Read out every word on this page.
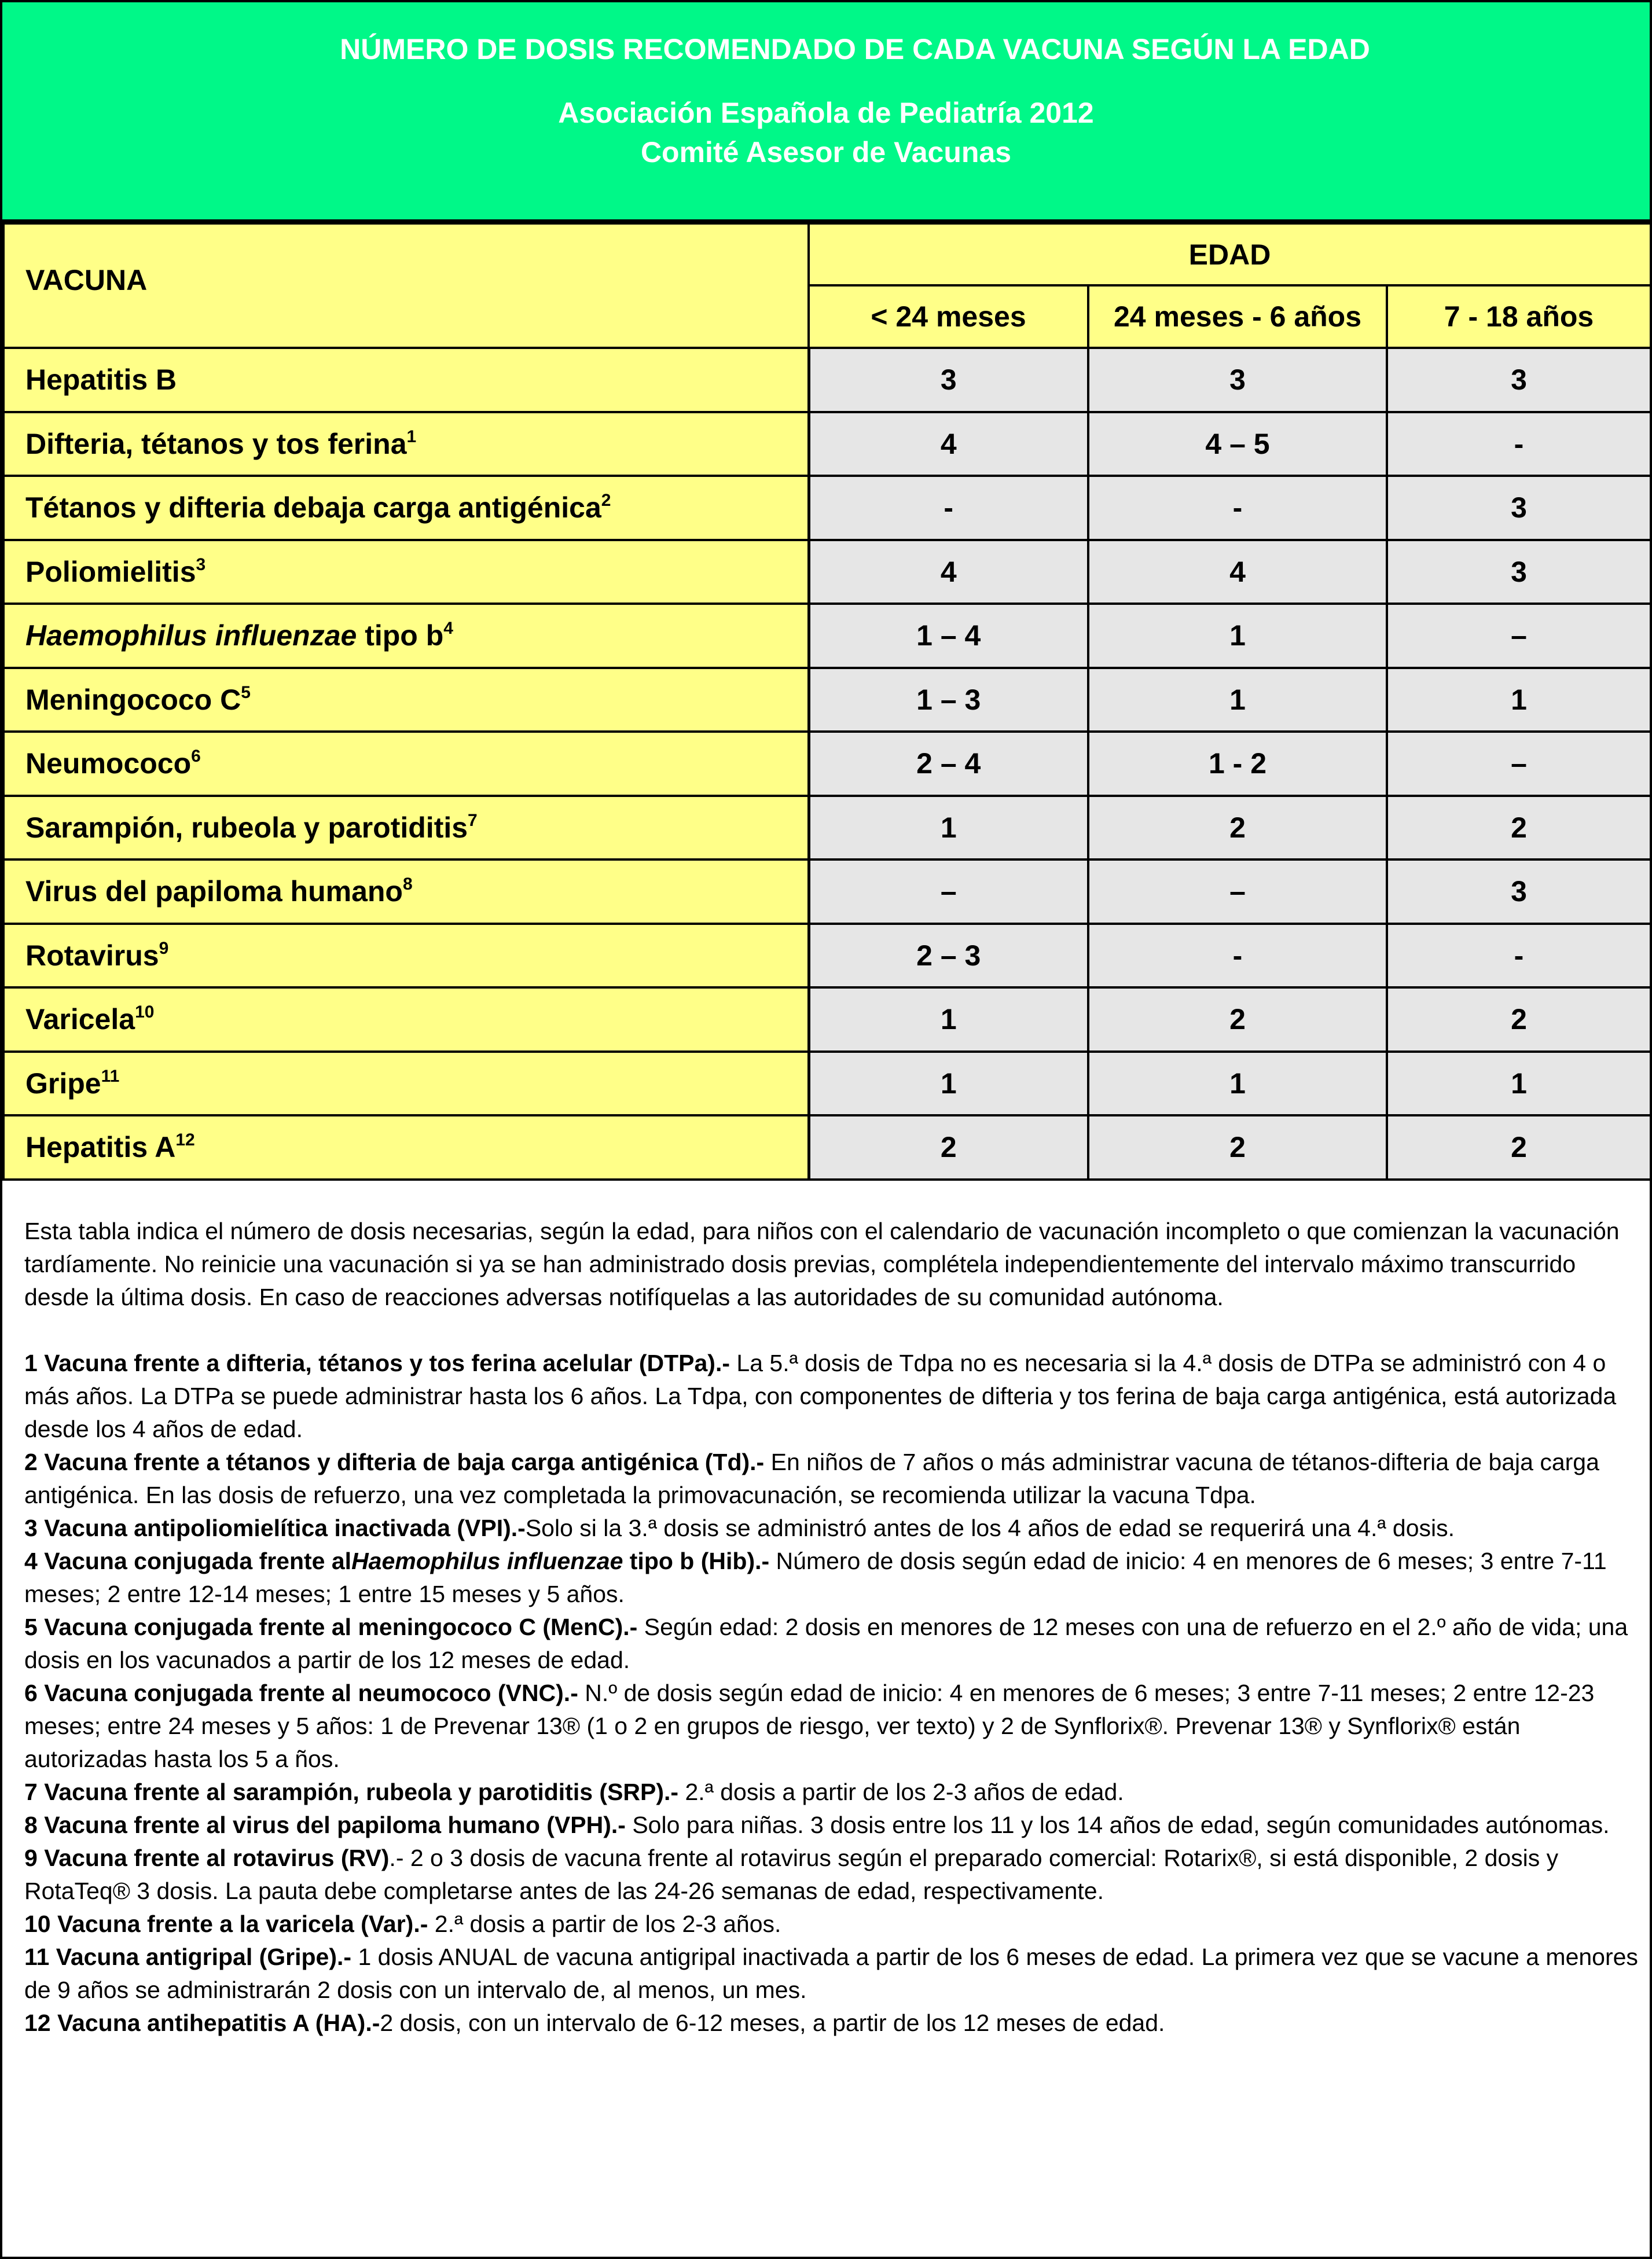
NÚMERO DE DOSIS RECOMENDADO DE CADA VACUNA SEGÚN LA EDAD
Asociación Española de Pediatría 2012
Comité Asesor de Vacunas
VACUNA	EDAD		
	< 24 meses	24 meses - 6 años	7 - 18 años
Hepatitis B	3	3	3
Difteria, tétanos y tos ferina$^1$	4	4 – 5	-
Tétanos y difteria debaja carga antigénica$^2$	-	-	3
Poliomielitis$^3$	4	4	3
Haemophilus influenzae tipo $b^4$	1 – 4	1	–
Meningococo $C^5$	1 – 3	1	1
Neumococo$^6$	2 – 4	1 - 2	–
Sarampión, rubeola y parotiditis$^7$	1	2	2
Virus del papiloma humano$^8$	–	–	3
Rotavirus$^9$	2 – 3	-	-
Varicela$^{10}$	1	2	2
Gripe$^{11}$	1	1	1
Hepatitis $A^{12}$	2	2	2

Esta tabla indica el número de dosis necesarias, según la edad, para niños con el calendario de vacunación incompleto o que comienzan la vacunación tardíamente. No reinicie una vacunación si ya se han administrado dosis previas, complétela independientemente del intervalo máximo transcurrido desde la última dosis. En caso de reacciones adversas notifíquelas a las autoridades de su comunidad autónoma.

1 Vacuna frente a difteria, tétanos y tos ferina acelular (DTPa).- La 5.ª dosis de Tdpa no es necesaria si la 4.ª dosis de DTPa se administró con 4 o más años. La DTPa se puede administrar hasta los 6 años. La Tdpa, con componentes de difteria y tos ferina de baja carga antigénica, está autorizada desde los 4 años de edad.

2 Vacuna frente a tétanos y difteria de baja carga antigénica (Td).- En niños de 7 años o más administrar vacuna de tétanos-difteria de baja carga antigénica. En las dosis de refuerzo, una vez completada la primovacunación, se recomienda utilizar la vacuna Tdpa.

3 Vacuna antipoliomielítica inactivada (VPI).-Solo si la 3.ª dosis se administró antes de los 4 años de edad se requerirá una 4.ª dosis.

4 Vacuna conjugada frente alHaemophilus influenzae tipo b (Hib).- Número de dosis según edad de inicio: 4 en menores de 6 meses; 3 entre 7-11 meses; 2 entre 12-14 meses; 1 entre 15 meses y 5 años.

5 Vacuna conjugada frente al meningococo C (MenC).- Según edad: 2 dosis en menores de 12 meses con una de refuerzo en el 2.º año de vida; una dosis en los vacunados a partir de los 12 meses de edad.

6 Vacuna conjugada frente al neumococo (VNC).- N.º de dosis según edad de inicio: 4 en menores de 6 meses; 3 entre 7-11 meses; 2 entre 12-23 meses; entre 24 meses y 5 años: 1 de Prevenar 13® (1 o 2 en grupos de riesgo, ver texto) y 2 de Synflorix®. Prevenar 13® y Synflorix® están autorizadas hasta los 5 a ños.

7 Vacuna frente al sarampión, rubeola y parotiditis (SRP).- 2.ª dosis a partir de los 2-3 años de edad.

8 Vacuna frente al virus del papiloma humano (VPH).- Solo para niñas. 3 dosis entre los 11 y los 14 años de edad, según comunidades autónomas.

9 Vacuna frente al rotavirus (RV).- 2 o 3 dosis de vacuna frente al rotavirus según el preparado comercial: Rotarix®, si está disponible, 2 dosis y RotaTeq® 3 dosis. La pauta debe completarse antes de las 24-26 semanas de edad, respectivamente.

10 Vacuna frente a la varicela (Var).- 2.ª dosis a partir de los 2-3 años.

11 Vacuna antigripal (Gripe).- 1 dosis ANUAL de vacuna antigripal inactivada a partir de los 6 meses de edad. La primera vez que se vacune a menores de 9 años se administrarán 2 dosis con un intervalo de, al menos, un mes.

12 Vacuna antihepatitis A (HA).-2 dosis, con un intervalo de 6-12 meses, a partir de los 12 meses de edad.
